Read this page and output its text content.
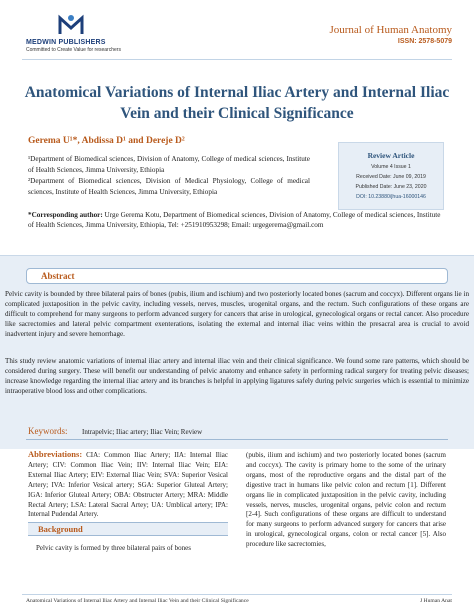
MEDWIN PUBLISHERS
Committed to Create Value for researchers
Journal of Human Anatomy
ISSN: 2578-5079
Anatomical Variations of Internal Iliac Artery and Internal Iliac
Vein and their Clinical Significance
Gerema U¹*, Abdissa D¹ and Dereje D²
¹Department of Biomedical sciences, Division of Anatomy, College of medical sciences, Institute of Health Sciences, Jimma University, Ethiopia
²Department of Biomedical sciences, Division of Medical Physiology, College of medical sciences, Institute of Health Sciences, Jimma University, Ethiopia
Review Article
Volume 4 Issue 1
Received Date: June 09, 2019
Published Date: June 23, 2020
DOI: 10.23880/jhua-16000146
*Corresponding author: Urge Gerema Kotu, Department of Biomedical sciences, Division of Anatomy, College of medical sciences, Institute of Health Sciences, Jimma University, Ethiopia, Tel: +251910953298; Email: urgegerema@gmail.com
Abstract
Pelvic cavity is bounded by three bilateral pairs of bones (pubis, ilium and ischium) and two posteriorly located bones (sacrum and coccyx). Different organs lie in complicated juxtaposition in the pelvic cavity, including vessels, nerves, muscles, urogenital organs, and the rectum. Such configurations of these organs are difficult to comprehend for many surgeons to perform advanced surgery for cancers that arise in urological, gynecological organs or rectal cancer. Also procedure like sacrectomies and lateral pelvic compartment exenterations, isolating the external and internal iliac veins within the presacral area is crucial to avoid inadvertent injury and severe hemorrhage.
This study review anatomic variations of internal iliac artery and internal iliac vein and their clinical significance. We found some rare patterns, which should be considered during surgery. These will benefit our understanding of pelvic anatomy and enhance safety in performing radical surgery for treating pelvic diseases; increase knowledge regarding the internal iliac artery and its branches is helpful in applying ligatures safely during pelvic surgeries which is essential to minimize intraoperative blood loss and other complications.
Keywords: Intrapelvic; Iliac artery; Iliac Vein; Review
Abbreviations: CIA: Common Iliac Artery; IIA: Internal Iliac Artery; CIV: Common Iliac Vein; IIV: Internal Iliac Vein; EIA: External Iliac Artery; EIV: External Iliac Vein; SVA: Superior Vesical Artery; IVA: Inferior Vesical artery; SGA: Superior Gluteal Artery; IGA: Inferior Gluteal Artery; OBA: Obstructer Artery; MRA: Middle Rectal Artery; LSA: Lateral Sacral Artey; UA: Umblical artery; IPA: Internal Pudendal Artery.
Background
Pelvic cavity is formed by three bilateral pairs of bones
(pubis, ilium and ischium) and two posteriorly located bones (sacrum and coccyx). The cavity is primary home to the some of the urinary organs, most of the reproductive organs and the distal part of the digestive tract in humans like pelvic colon and rectum [1]. Different organs lie in complicated juxtaposition in the pelvic cavity, including vessels, nerves, muscles, urogenital organs, pelvic colon and rectum [2-4]. Such configurations of these organs are difficult to understand for many surgeons to perform advanced surgery for cancers that arise in urological, gynecological organs, colon or rectal cancer [5]. Also procedure like sacrectomies,
Anatomical Variations of Internal Iliac Artery and Internal Iliac Vein and their Clinical Significance	J Human Anat
